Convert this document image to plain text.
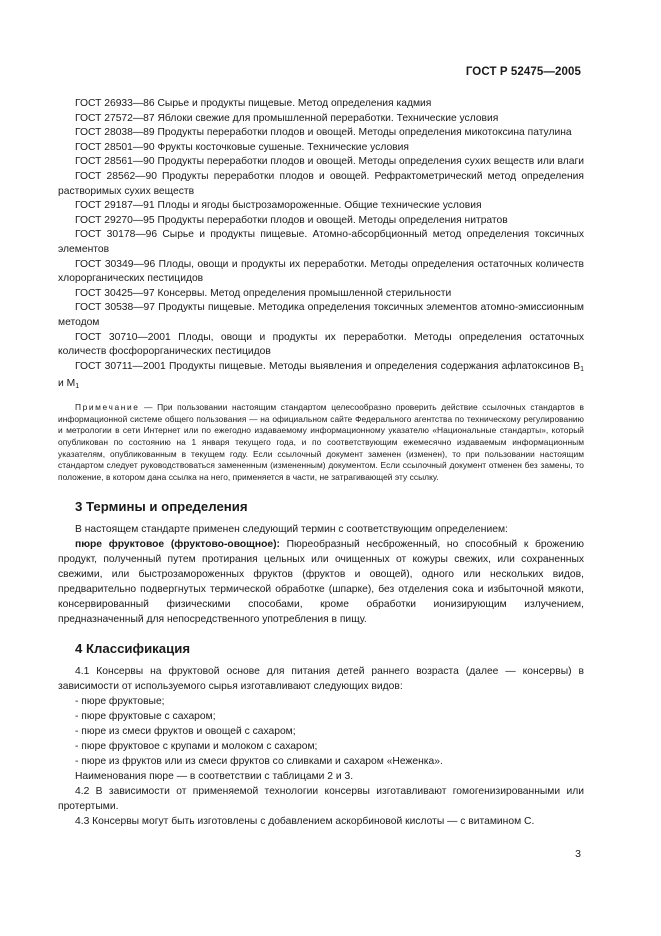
ГОСТ Р 52475—2005

ГОСТ 26933—86 Сырье и продукты пищевые. Метод определения кадмия

ГОСТ 27572—87 Яблоки свежие для промышленной переработки. Технические условия

ГОСТ 28038—89 Продукты переработки плодов и овощей. Методы определения микотоксина патулина

ГОСТ 28501—90 Фрукты косточковые сушеные. Технические условия

ГОСТ 28561—90 Продукты переработки плодов и овощей. Методы определения сухих веществ или влаги

ГОСТ 28562—90 Продукты переработки плодов и овощей. Рефрактометрический метод определения растворимых сухих веществ

ГОСТ 29187—91 Плоды и ягоды быстрозамороженные. Общие технические условия

ГОСТ 29270—95 Продукты переработки плодов и овощей. Методы определения нитратов

ГОСТ 30178—96 Сырье и продукты пищевые. Атомно-абсорбционный метод определения токсичных элементов

ГОСТ 30349—96 Плоды, овощи и продукты их переработки. Методы определения остаточных количеств хлорорганических пестицидов

ГОСТ 30425—97 Консервы. Метод определения промышленной стерильности

ГОСТ 30538—97 Продукты пищевые. Методика определения токсичных элементов атомно-эмиссионным методом

ГОСТ 30710—2001 Плоды, овощи и продукты их переработки. Методы определения остаточных количеств фосфорорганических пестицидов

ГОСТ 30711—2001 Продукты пищевые. Методы выявления и определения содержания афлатоксинов $В_1$ и $М_1$

Примечание — При пользовании настоящим стандартом целесообразно проверить действие ссылочных стандартов в информационной системе общего пользования — на официальном сайте Федерального агентства по техническому регулированию и метрологии в сети Интернет или по ежегодно издаваемому информационному указателю «Национальные стандарты», который опубликован по состоянию на 1 января текущего года, и по соответствующим ежемесячно издаваемым информационным указателям, опубликованным в текущем году. Если ссылочный документ заменен (изменен), то при пользовании настоящим стандартом следует руководствоваться замененным (измененным) документом. Если ссылочный документ отменен без замены, то положение, в котором дана ссылка на него, применяется в части, не затрагивающей эту ссылку.
3 Термины и определения

В настоящем стандарте применен следующий термин с соответствующим определением:

пюре фруктовое (фруктово-овощное): Пюреобразный несброженный, но способный к брожению продукт, полученный путем протирания цельных или очищенных от кожуры свежих, или сохраненных свежими, или быстрозамороженных фруктов (фруктов и овощей), одного или нескольких видов, предварительно подвергнутых термической обработке (шпарке), без отделения сока и избыточной мякоти, консервированный физическими способами, кроме обработки ионизирующим излучением, предназначенный для непосредственного употребления в пищу.

4 Классификация

4.1 Консервы на фруктовой основе для питания детей раннего возраста (далее — консервы) в зависимости от используемого сырья изготавливают следующих видов:

- пюре фруктовые;

- пюре фруктовые с сахаром;

- пюре из смеси фруктов и овощей с сахаром;

- пюре фруктовое с крупами и молоком с сахаром;

- пюре из фруктов или из смеси фруктов со сливками и сахаром «Неженка».

Наименования пюре — в соответствии с таблицами 2 и 3.

4.2 В зависимости от применяемой технологии консервы изготавливают гомогенизированными или протертыми.

4.3 Консервы могут быть изготовлены с добавлением аскорбиновой кислоты — с витамином С.

3
